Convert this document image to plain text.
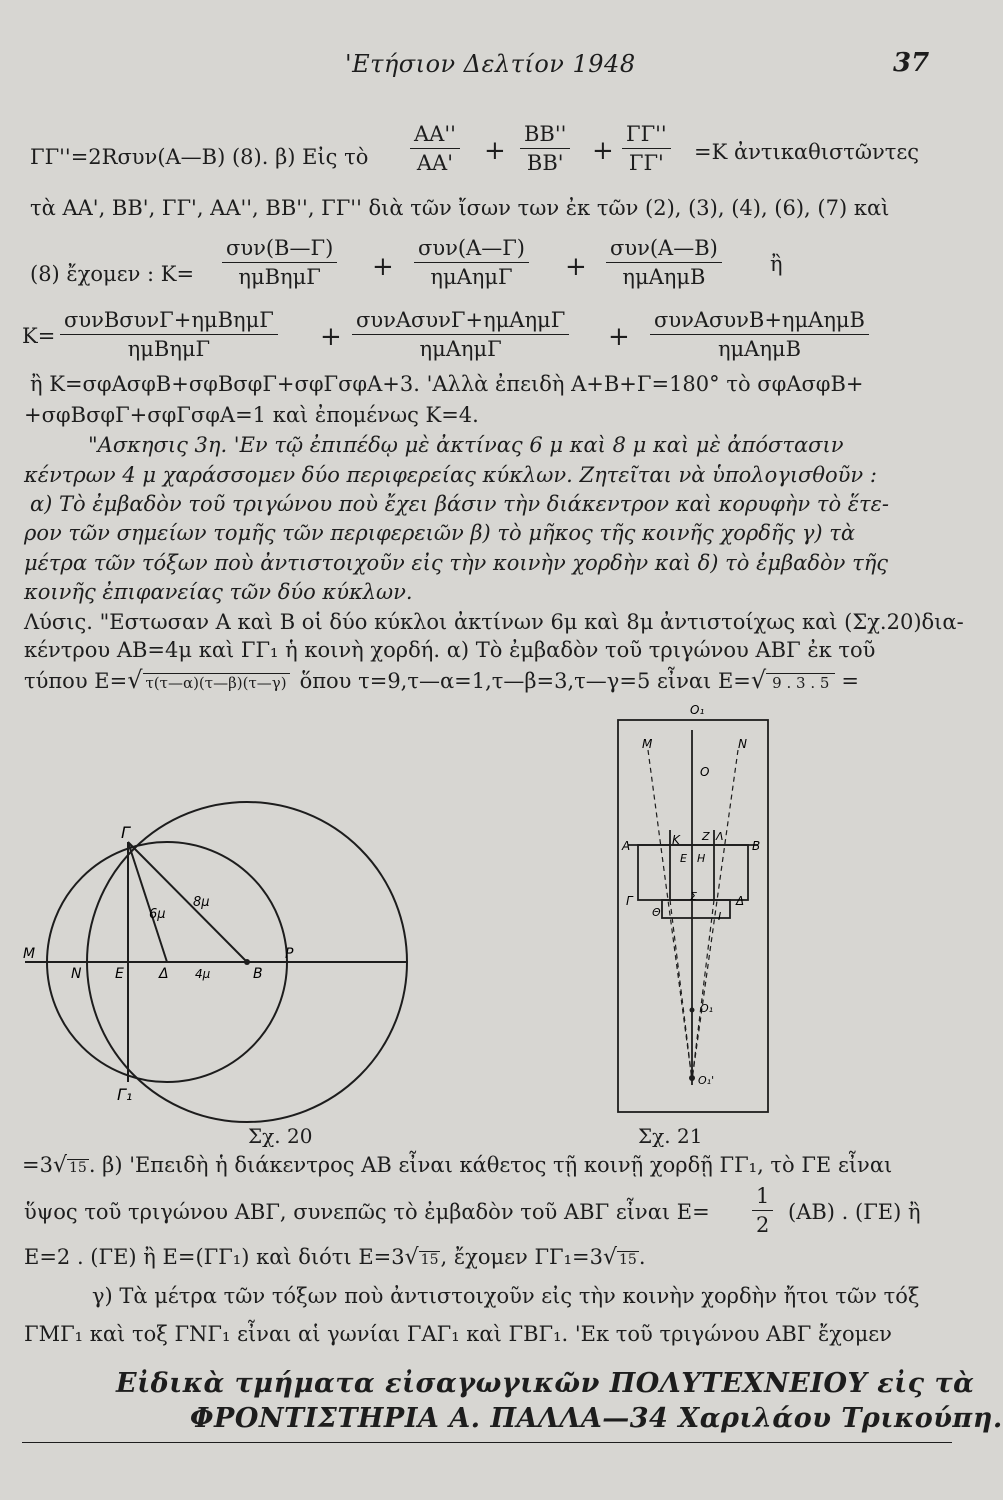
'Ετήσιον Δελτίον 1948	37
ΓΓ''=2Rσυν(Α—Β) (8). β) Εἰς τὸ $\frac{AA''}{AA'} + \frac{BB''}{BB'} + \frac{\Gamma\Gamma''}{\Gamma\Gamma'} =K$ ἀντικαθιστῶντες
τὰ ΑΑ', ΒΒ', ΓΓ', ΑΑ'', ΒΒ'', ΓΓ'' διὰ τῶν ἴσων των ἐκ τῶν (2), (3), (4), (6), (7) καὶ
(8) ἔχομεν : Κ=
συν(Β—Γ)
ημΒημΓ +
συν(Α—Γ)
ημΑημΓ +
συν(Α—Β)
ημΑημΒ
ἢ
Κ=
συνΒσυνΓ+ημΒημΓ
ημΒημΓ	+
συνΑσυνΓ+ημΑημΓ
ημΑημΓ	+
συνΑσυνΒ+ημΑημΒ
ημΑημΒ
ἢ Κ=σφΑσφΒ+σφΒσφΓ+σφΓσφΑ+3. 'Αλλὰ ἐπειδὴ Α+Β+Γ=180° τὸ σφΑσφΒ+
+σφΒσφΓ+σφΓσφΑ=1 καὶ ἐπομένως Κ=4.
"Ασκησις 3η. 'Εν τῷ ἐπιπέδῳ μὲ ἀκτίνας 6 μ καὶ 8 μ καὶ μὲ ἀπόστασιν
κέντρων 4 μ χαράσσομεν δύο περιφερείας κύκλων. Ζητεῖται νὰ ὑπολογισθοῦν :
α) Τὸ ἐμβαδὸν τοῦ τριγώνου ποὺ ἔχει βάσιν τὴν διάκεντρον καὶ κορυφὴν τὸ ἕτε-
ρον τῶν σημείων τομῆς τῶν περιφερειῶν β) τὸ μῆκος τῆς κοινῆς χορδῆς γ) τὰ
μέτρα τῶν τόξων ποὺ ἀντιστοιχοῦν εἰς τὴν κοινὴν χορδὴν καὶ δ) τὸ ἐμβαδὸν τῆς
κοινῆς ἐπιφανείας τῶν δύο κύκλων.
Λύσις. "Εστωσαν Α καὶ Β οἱ δύο κύκλοι ἀκτίνων 6μ καὶ 8μ ἀντιστοίχως καὶ (Σχ.20)δια-
κέντρου ΑΒ=4μ καὶ ΓΓ₁ ἡ κοινὴ χορδή. α) Τὸ ἐμβαδὸν τοῦ τριγώνου ΑΒΓ ἐκ τοῦ
τύπου Ε= √ τ(τ—α)(τ—β)(τ—γ) ὅπου τ=9,τ—α=1,τ—β=3,τ—γ=5 εἶναι Ε= √ 9 . 3 . 5 =
Γ
Γ₁
Μ
Ν Ε	Δ	Β
Ρ
6μ
8μ
4μ
Σχ. 20
Ο₁
Μ	Ν
Ο
Α	Κ Ζ Λ
Β
Ε Η
Γ	Σ	Δ
Θ	Ι
Ο₁
Ο₁'
Σχ. 21
=3 √ 15 . β) 'Επειδὴ ἡ διάκεντρος ΑΒ εἶναι κάθετος τῇ κοινῇ χορδῇ ΓΓ₁, τὸ ΓΕ εἶναι
ὕψος τοῦ τριγώνου ΑΒΓ, συνεπῶς τὸ ἐμβαδὸν τοῦ ΑΒΓ εἶναι $E= \frac{1}{2} (AB)$ . (ΓΕ) ἢ
Ε=2 . (ΓΕ) ἢ Ε=(ΓΓ₁) καὶ διότι Ε=3 √ 15 , ἔχομεν ΓΓ₁=3 √ 15 .
γ) Τὰ μέτρα τῶν τόξων ποὺ ἀντιστοιχοῦν εἰς τὴν κοινὴν χορδὴν ἤτοι τῶν τόξ
ΓΜΓ₁ καὶ τοξ ΓΝΓ₁ εἶναι αἱ γωνίαι ΓΑΓ₁ καὶ ΓΒΓ₁. 'Εκ τοῦ τριγώνου ΑΒΓ ἔχομεν
Εἰδικὰ τμήματα εἰσαγωγικῶν ΠΟΛΥΤΕΧΝΕΙΟΥ εἰς τὰ
ΦΡΟΝΤΙΣΤΗΡΙΑ Α. ΠΑΛΛΑ—34 Χαριλάου Τρικούπη.
